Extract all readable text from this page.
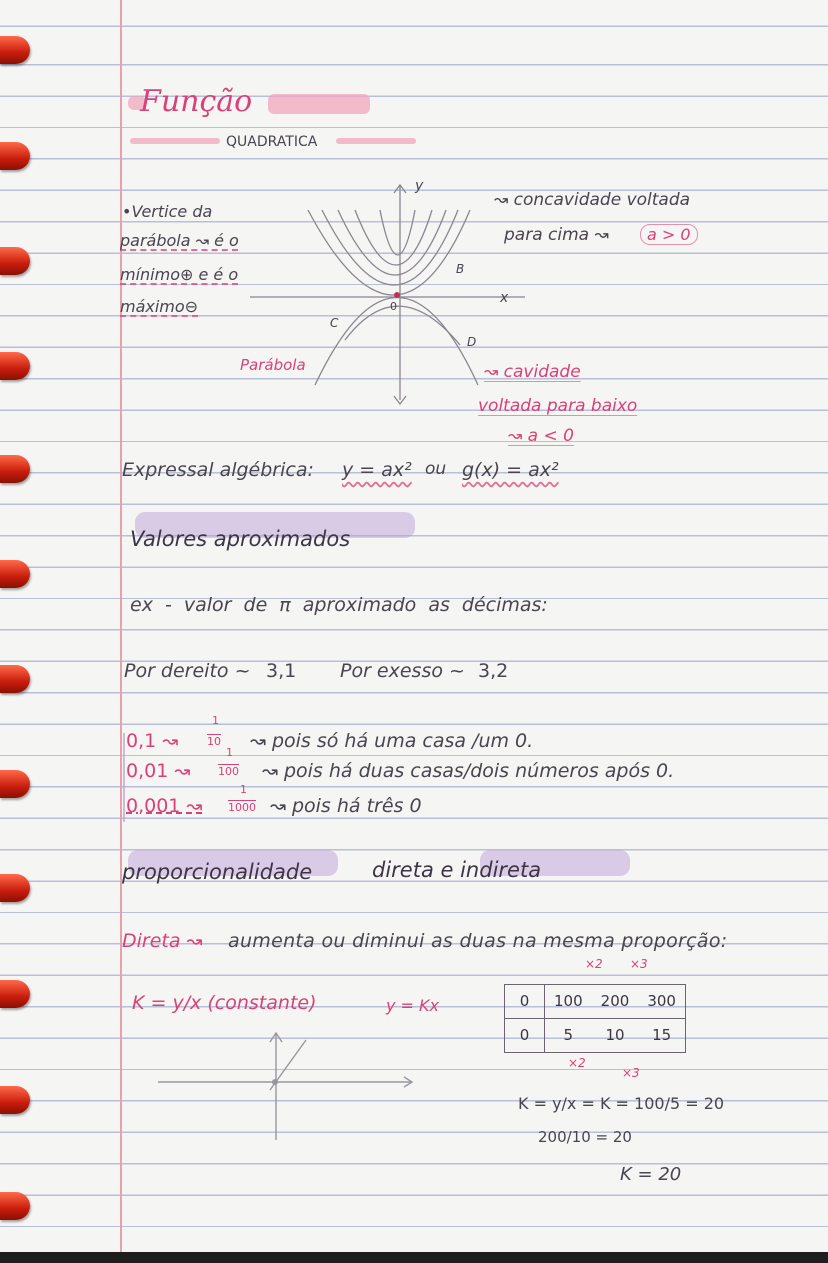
Função
QUADRATICA
•Vertice da
parábola ↝ é o
mínimo⊕ e é o
máximo⊖
y
x
0
B
C
D
Parábola
↝ concavidade voltada
para cima ↝	a > 0
↝ cavidade
voltada para baixo
↝ a < 0
Expressal algébrica: y = ax² ou g(x) = ax²
Valores aproximados
ex - valor de π aproximado as décimas:
Por dereito ~ 3,1 Por exesso ~ 3,2
0,1 ↝
1
10 ↝ pois só há uma casa /um 0.
0,01 ↝
1
100 ↝ pois há duas casas/dois números após 0.
0,001 ↝
1
1000 ↝ pois há três 0
proporcionalidade	direta e indireta
Direta ↝ aumenta ou diminui as duas na mesma proporção:
K = y/x (constante)	y = Kx
×2 ×3
0	100	200	300
0	5	10	15
×2
×3
K = y/x = K = 100/5 = 20
200/10 = 20
K = 20
